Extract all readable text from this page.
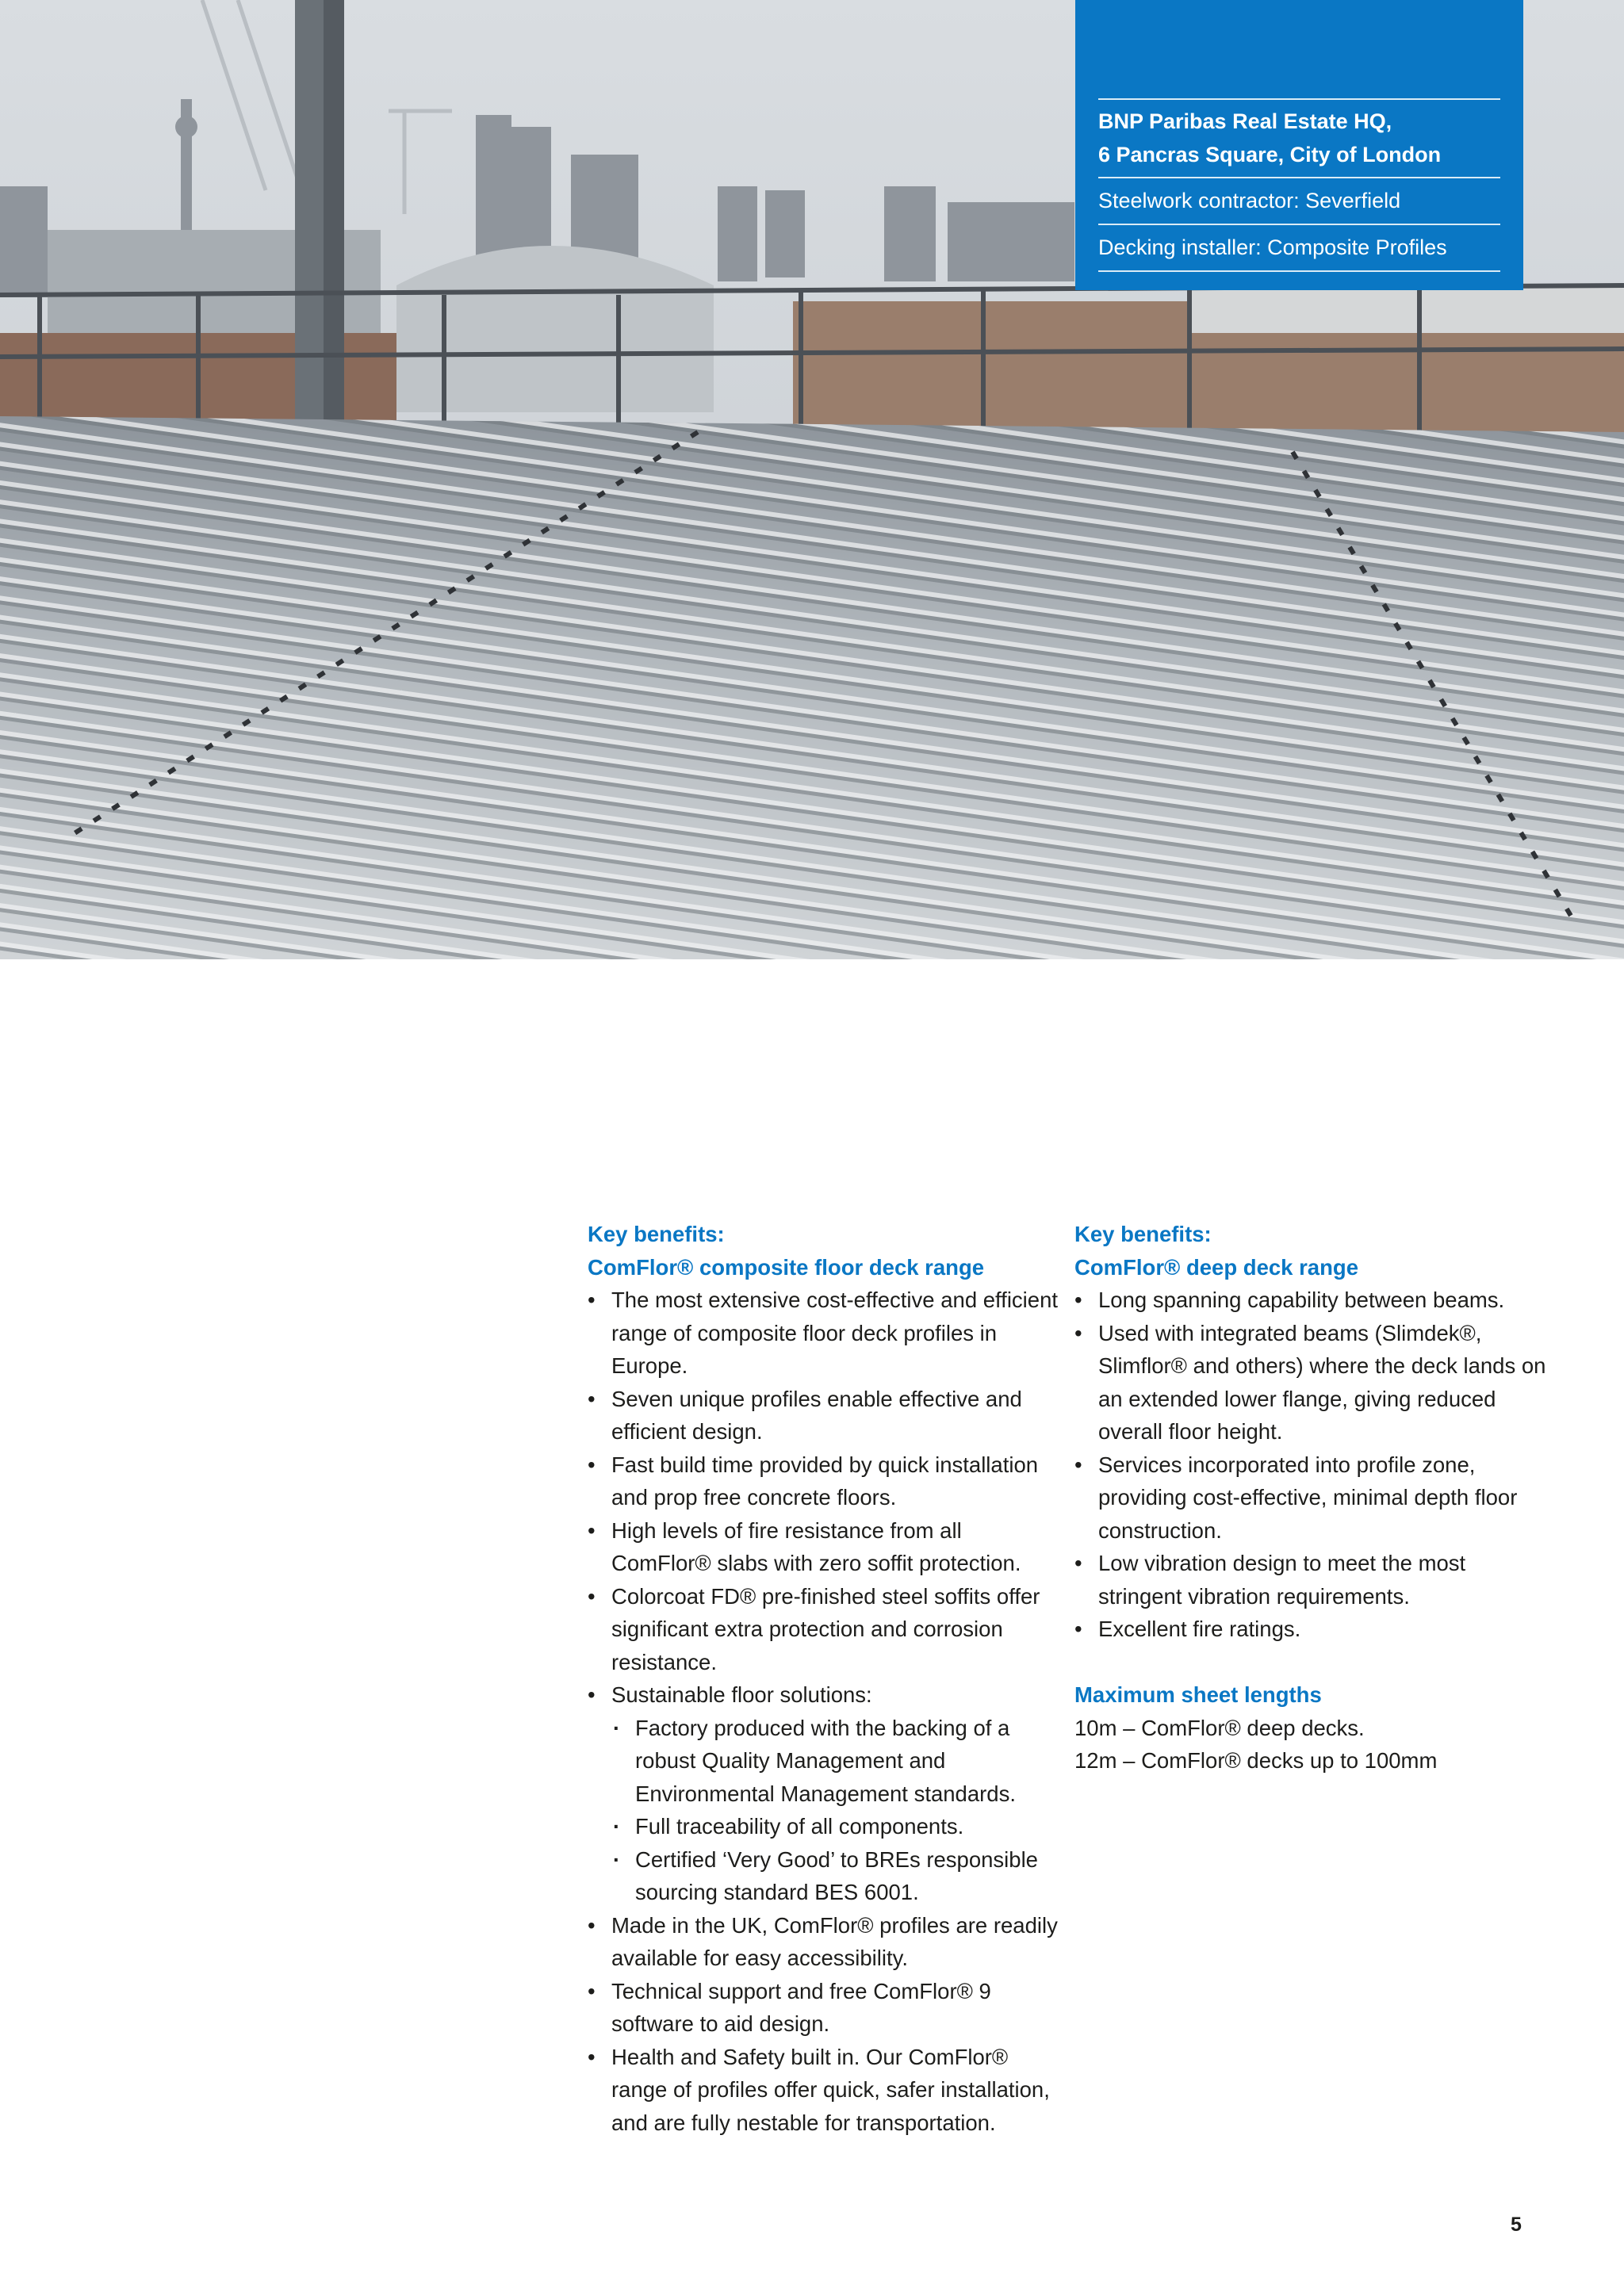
BNP Paribas Real Estate HQ,
6 Pancras Square, City of London
Steelwork contractor: Severfield
Decking installer: Composite Profiles
Key benefits:
ComFlor® composite floor deck range
• The most extensive cost-effective and efficient range of composite floor deck profiles in Europe.
• Seven unique profiles enable effective and efficient design.
• Fast build time provided by quick installation and prop free concrete floors.
• High levels of fire resistance from all ComFlor® slabs with zero soffit protection.
• Colorcoat FD® pre-finished steel soffits offer significant extra protection and corrosion resistance.
• Sustainable floor solutions:
· Factory produced with the backing of a robust Quality Management and Environmental Management standards.
· Full traceability of all components.
· Certified ‘Very Good’ to BREs responsible sourcing standard BES 6001.
• Made in the UK, ComFlor® profiles are readily available for easy accessibility.
• Technical support and free ComFlor® 9 software to aid design.
• Health and Safety built in. Our ComFlor® range of profiles offer quick, safer installation, and are fully nestable for transportation.
Key benefits:
ComFlor® deep deck range
• Long spanning capability between beams.
• Used with integrated beams (Slimdek®, Slimflor® and others) where the deck lands on an extended lower flange, giving reduced overall floor height.
• Services incorporated into profile zone, providing cost-effective, minimal depth floor construction.
• Low vibration design to meet the most stringent vibration requirements.
• Excellent fire ratings.
Maximum sheet lengths
10m – ComFlor® deep decks.
12m – ComFlor® decks up to 100mm
5
